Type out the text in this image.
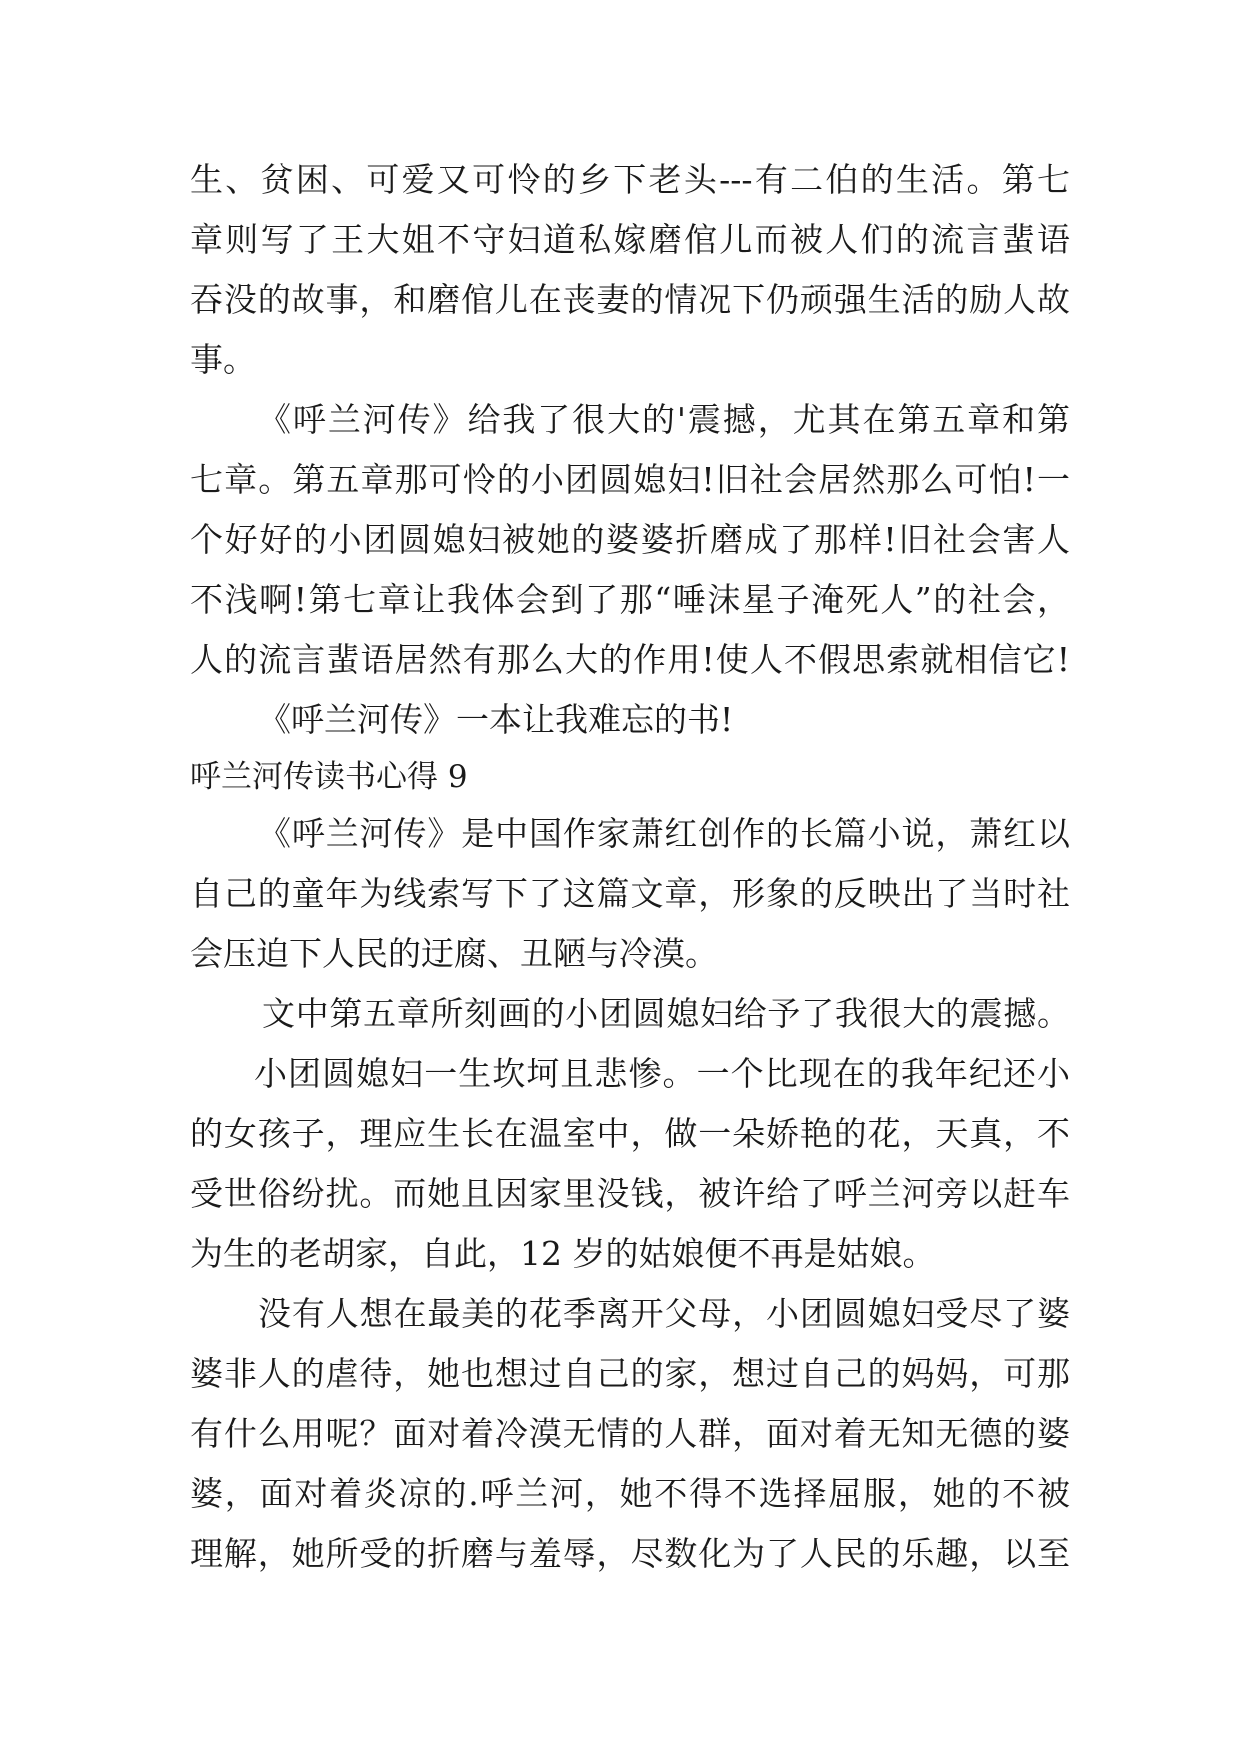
生、贫困、可爱又可怜的乡下老头---有二伯的生活。第七
章则写了王大姐不守妇道私嫁磨倌儿而被人们的流言蜚语
吞没的故事，和磨倌儿在丧妻的情况下仍顽强生活的励人故
事。
《呼兰河传》给我了很大的'震撼，尤其在第五章和第
七章。第五章那可怜的小团圆媳妇!旧社会居然那么可怕!一
个好好的小团圆媳妇被她的婆婆折磨成了那样!旧社会害人
不浅啊!第七章让我体会到了那“唾沫星子淹死人”的社会，
人的流言蜚语居然有那么大的作用!使人不假思索就相信它!
《呼兰河传》一本让我难忘的书!
呼兰河传读书心得 9
《呼兰河传》是中国作家萧红创作的长篇小说，萧红以
自己的童年为线索写下了这篇文章，形象的反映出了当时社
会压迫下人民的迂腐、丑陋与冷漠。
文中第五章所刻画的小团圆媳妇给予了我很大的震撼。
小团圆媳妇一生坎坷且悲惨。一个比现在的我年纪还小
的女孩子，理应生长在温室中，做一朵娇艳的花，天真，不
受世俗纷扰。而她且因家里没钱，被许给了呼兰河旁以赶车
为生的老胡家，自此，12 岁的姑娘便不再是姑娘。
没有人想在最美的花季离开父母，小团圆媳妇受尽了婆
婆非人的虐待，她也想过自己的家，想过自己的妈妈，可那
有什么用呢？面对着冷漠无情的人群，面对着无知无德的婆
婆，面对着炎凉的.呼兰河，她不得不选择屈服，她的不被
理解，她所受的折磨与羞辱，尽数化为了人民的乐趣，以至
